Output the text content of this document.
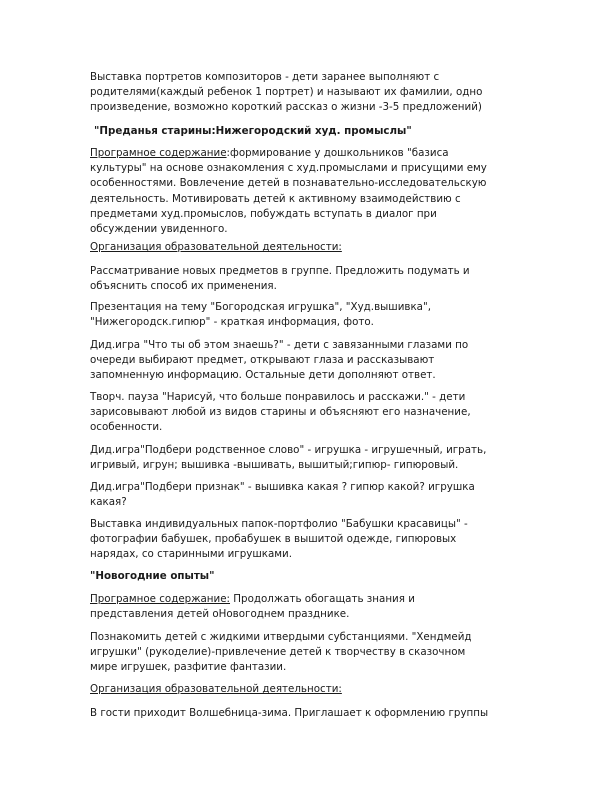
Выставка портретов композиторов - дети заранее выполняют с
родителями(каждый ребенок 1 портрет) и называют их фамилии, одно
произведение, возможно короткий рассказ о жизни -3-5 предложений)

"Преданья старины:Нижегородский худ. промыслы"

Програмное содержание:формирование у дошкольников "базиса
культуры" на основе ознакомления с худ.промыслами и присущими ему
особенностями. Вовлечение детей в познавательно-исследовательскую
деятельность. Мотивировать детей к активному взаимодействию с
предметами худ.промыслов, побуждать вступать в диалог при
обсуждении увиденного.

Организация образовательной деятельности:

Рассматривание новых предметов в группе. Предложить подумать и
объяснить способ их применения.

Презентация на тему "Богородская игрушка", "Худ.вышивка",
"Нижегородск.гипюр" - краткая информация, фото.

Дид.игра "Что ты об этом знаешь?" - дети с завязанными глазами по
очереди выбирают предмет, открывают глаза и рассказывают
запомненную информацию. Остальные дети дополняют ответ.

Творч. пауза "Нарисуй, что больше понравилось и расскажи." - дети
зарисовывают любой из видов старины и объясняют его назначение,
особенности.

Дид.игра"Подбери родственное слово" - игрушка - игрушечный, играть,
игривый, игрун; вышивка -вышивать, вышитый;гипюр- гипюровый.

Дид.игра"Подбери признак" - вышивка какая ? гипюр какой? игрушка
какая?

Выставка индивидуальных папок-портфолио "Бабушки красавицы" -
фотографии бабушек, пробабушек в вышитой одежде, гипюровых
нарядах, со старинными игрушками.

"Новогодние опыты"

Програмное содержание: Продолжать обогащать знания и
представления детей оНовогоднем празднике.

Познакомить детей с жидкими итвердыми субстанциями. "Хендмейд
игрушки" (рукоделие)-привлечение детей к творчеству в сказочном
мире игрушек, разфитие фантазии.

Организация образовательной деятельности:

В гости приходит Волшебница-зима. Приглашает к оформлению группы
